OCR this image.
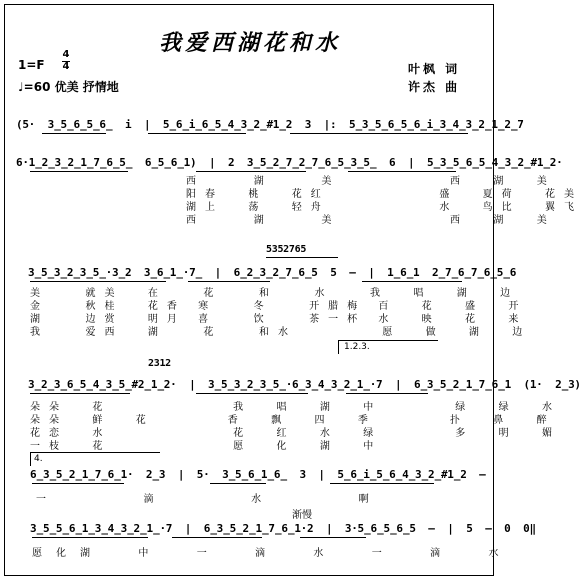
我爱西湖花和水
1=F
4
4
♩=60 优美 抒情地
叶枫 词
许杰 曲
(5·  3̲5̲6̲5̲6̲  i  |  5̲6̲i̲6̲5̲4̲3̲2̲#1̲2  3  |:  5̲3̲5̲6̲5̲6̲i̲3̲4̲3̲2̲1̲2̲7
6·1̲2̲3̲2̲1̲7̲6̲5̲  6̲5̲6̲1)  |  2  3̲5̲2̲7̲2̲7̲6̲5̲3̲5̲  6  |  5̲3̲5̲6̲5̲4̲3̲2̲#1̲2·
西    湖    美         西  湖  美
阳春  桃  花红         盛  夏荷  花美
湖上  荡  轻舟         水  鸟比  翼飞
西    湖    美         西  湖  美
5352765
3̲5̲3̲2̲3̲5̲·3̲2  3̲6̲1̲·7̲  |  6̲2̲3̲2̲7̲6̲5  5  —  |  1̲6̲1  2̲7̲6̲7̲6̲5̲6
美   就美  在   花   和   水   我  唱  湖  边
金   秋桂  花香 寒   冬   开腊梅 百  花  盛  开
湖   边赏  明月 喜   饮   茶一杯 水  映  花  来
我   爱西  湖   花   和水       愿  做  湖  边
1.2.3.
2312
3̲2̲3̲6̲5̲4̲3̲5̲#2̲1̲2·  |  3̲5̲3̲2̲3̲5̲·6̲3̲4̲3̲2̲1̲·7  |  6̲3̲5̲2̲1̲7̲6̲1  (1·  2̲3)
朵朵  花          我  唱  湖  中      绿  绿  水
朵朵  鲜  花      香  飘  四  季      扑  鼻  醉
花恋  水          花  红  水  绿      多  明  媚
一枝  花          愿  化  湖  中
4.
6̲3̲5̲2̲1̲7̲6̲1·  2̲3  |  5·  3̲5̲6̲1̲6̲  3  |  5̲6̲i̲5̲6̲4̲3̲2̲#1̲2  —
一   滴   水   啊
渐慢
3̲5̲5̲6̲1̲3̲4̲3̲2̲1̲·7  |  6̲3̲5̲2̲1̲7̲6̲1·2  |  3·5̲6̲5̲6̲5  —  |  5  —  0  0‖
愿化湖  中  一  滴  水  一  滴  水
